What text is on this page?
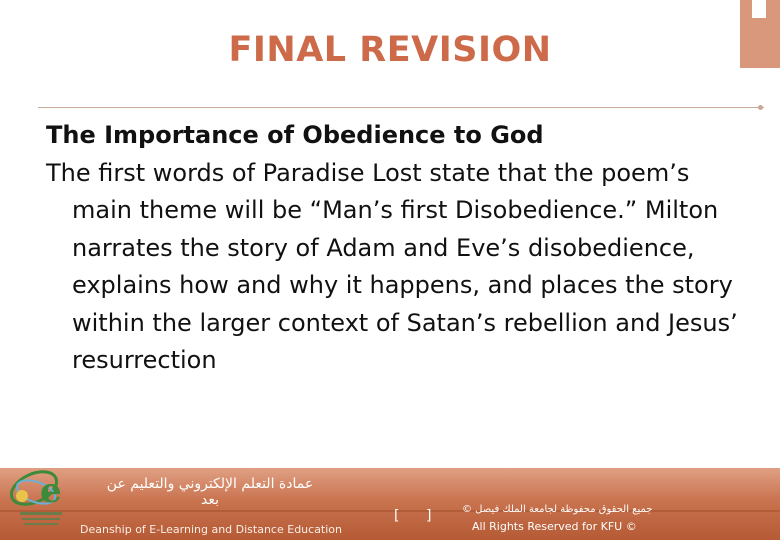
FINAL REVISION
The Importance of Obedience to God

The first words of Paradise Lost state that the poem’s main theme will be “Man’s first Disobedience.” Milton narrates the story of Adam and Eve’s disobedience, explains how and why it happens, and places the story within the larger context of Satan’s rebellion and Jesus’ resurrection

e	عمادة التعلم الإلكتروني والتعليم عن بعد
Deanship of E-Learning and Distance Education
[ ]	جميع الحقوق محفوظة لجامعة الملك فيصل ©
All Rights Reserved for KFU ©
